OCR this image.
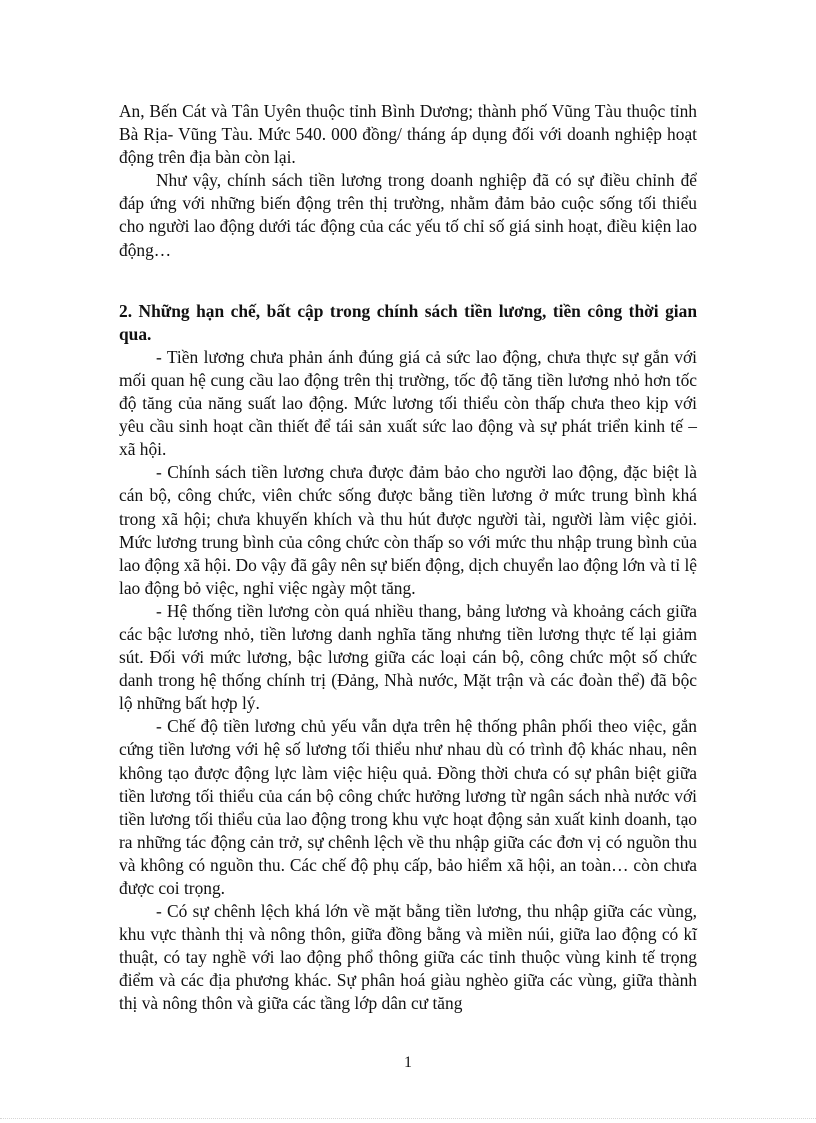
An, Bến Cát và Tân Uyên thuộc tỉnh Bình Dương; thành phố Vũng Tàu thuộc tỉnh Bà Rịa- Vũng Tàu. Mức 540. 000 đồng/ tháng áp dụng đối với doanh nghiệp hoạt động trên địa bàn còn lại.

Như vậy, chính sách tiền lương trong doanh nghiệp đã có sự điều chỉnh để đáp ứng với những biến động trên thị trường, nhằm đảm bảo cuộc sống tối thiểu cho người lao động dưới tác động của các yếu tố chỉ số giá sinh hoạt, điều kiện lao động…

2. Những hạn chế, bất cập trong chính sách tiền lương, tiền công thời gian qua.

- Tiền lương chưa phản ánh đúng giá cả sức lao động, chưa thực sự gắn với mối quan hệ cung cầu lao động trên thị trường, tốc độ tăng tiền lương nhỏ hơn tốc độ tăng của năng suất lao động. Mức lương tối thiểu còn thấp chưa theo kịp với yêu cầu sinh hoạt cần thiết để tái sản xuất sức lao động và sự phát triển kinh tế – xã hội.

- Chính sách tiền lương chưa được đảm bảo cho người lao động, đặc biệt là cán bộ, công chức, viên chức sống được bằng tiền lương ở mức trung bình khá trong xã hội; chưa khuyến khích và thu hút được người tài, người làm việc giỏi. Mức lương trung bình của công chức còn thấp so với mức thu nhập trung bình của lao động xã hội. Do vậy đã gây nên sự biến động, dịch chuyển lao động lớn và tỉ lệ lao động bỏ việc, nghỉ việc ngày một tăng.

- Hệ thống tiền lương còn quá nhiều thang, bảng lương và khoảng cách giữa các bậc lương nhỏ, tiền lương danh nghĩa tăng nhưng tiền lương thực tế lại giảm sút. Đối với mức lương, bậc lương giữa các loại cán bộ, công chức một số chức danh trong hệ thống chính trị (Đảng, Nhà nước, Mặt trận và các đoàn thể) đã bộc lộ những bất hợp lý.

- Chế độ tiền lương chủ yếu vẫn dựa trên hệ thống phân phối theo việc, gắn cứng tiền lương với hệ số lương tối thiểu như nhau dù có trình độ khác nhau, nên không tạo được động lực làm việc hiệu quả. Đồng thời chưa có sự phân biệt giữa tiền lương tối thiểu của cán bộ công chức hưởng lương từ ngân sách nhà nước với tiền lương tối thiểu của lao động trong khu vực hoạt động sản xuất kinh doanh, tạo ra những tác động cản trở, sự chênh lệch về thu nhập giữa các đơn vị có nguồn thu và không có nguồn thu. Các chế độ phụ cấp, bảo hiểm xã hội, an toàn… còn chưa được coi trọng.

- Có sự chênh lệch khá lớn về mặt bằng tiền lương, thu nhập giữa các vùng, khu vực thành thị và nông thôn, giữa đồng bằng và miền núi, giữa lao động có kĩ thuật, có tay nghề với lao động phổ thông giữa các tỉnh thuộc vùng kinh tế trọng điểm và các địa phương khác. Sự phân hoá giàu nghèo giữa các vùng, giữa thành thị và nông thôn và giữa các tầng lớp dân cư tăng

1
